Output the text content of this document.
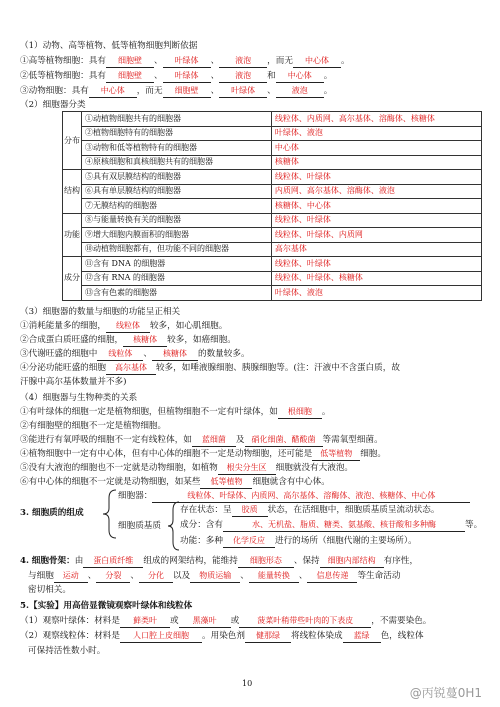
（1）动物、高等植物、低等植物细胞判断依据
①高等植物细胞：具有 细胞壁 、 叶绿体 、 液泡 ，而无 中心体 。
②低等植物细胞：具有 细胞壁 、 叶绿体 、 液泡 和 中心体 。
③动物细胞：具有 中心体 ，而无 细胞壁 、 叶绿体 、 液泡 。
（2）细胞器分类
分布	①动植物细胞共有的细胞器	线粒体、内质网、高尔基体、溶酶体、核糖体
	②植物细胞特有的细胞器	叶绿体、液泡
	③动物和低等植物特有的细胞器	中心体
	④原核细胞和真核细胞共有的细胞器	核糖体
结构	⑤具有双层膜结构的细胞器	线粒体、叶绿体
	⑥具有单层膜结构的细胞器	内质网、高尔基体、溶酶体、液泡
	⑦无膜结构的细胞器	核糖体、中心体
功能	⑧与能量转换有关的细胞器	线粒体、叶绿体
	⑨增大细胞内膜面积的细胞器	线粒体、叶绿体、内质网
	⑩动植物细胞都有，但功能不同的细胞器	高尔基体
成分	⑪含有 DNA 的细胞器	线粒体、叶绿体
	⑫含有 RNA 的细胞器	线粒体、叶绿体、核糖体
	⑬含有色素的细胞器	叶绿体、液泡
（3）细胞器的数量与细胞的功能呈正相关
①消耗能量多的细胞， 线粒体 较多，如心肌细胞。
②合成蛋白质旺盛的细胞， 核糖体 较多，如癌细胞。
③代谢旺盛的细胞中 线粒体 、 核糖体 的数量较多。
④分泌功能旺盛的细胞 高尔基体 较多，如唾液腺细胞、胰腺细胞等。(注：汗液中不含蛋白质，故
汗腺中高尔基体数量并不多)
（4）细胞器与生物种类的关系
①有叶绿体的细胞一定是植物细胞，但植物细胞不一定有叶绿体，如 根细胞 。
②有细胞壁的细胞不一定是植物细胞。
③能进行有氧呼吸的细胞不一定有线粒体，如 蓝细菌 及 硝化细菌、醋酸菌 等需氧型细菌。
④植物细胞中一定有中心体，但有中心体的细胞不一定是动物细胞，还可能是 低等植物 细胞。
⑤没有大液泡的细胞也不一定就是动物细胞，如植物 根尖分生区 细胞就没有大液泡。
⑥有中心体的细胞不一定就是动物细胞，如某些 低等植物 细胞就含有中心体。
3. 细胞质的组成
细胞器：	线粒体、叶绿体、内质网、高尔基体、溶酶体、液泡、核糖体、中心体
细胞质基质
存在状态：呈 胶质 状态，在活细胞中，细胞质基质呈流动状态。
成分：含有	水、无机盐、脂质、糖类、氨基酸、核苷酸和多种酶	等。
功能：多种 化学反应 进行的场所（细胞代谢的主要场所）。
4. 细胞骨架：由 蛋白质纤维 组成的网架结构，能维持 细胞形态 、保持 细胞内部结构 有序性，
与细胞 运动 、 分裂 、 分化 以及 物质运输 、 能量转换 、 信息传递 等生命活动
密切相关。
5.【实验】用高倍显微镜观察叶绿体和线粒体
（1）观察叶绿体：材料是 藓类叶 或 黑藻叶 或 菠菜叶稍带些叶肉的下表皮 ，不需要染色。
（2）观察线粒体：材料是 人口腔上皮细胞 。用染色剂 健那绿 将线粒体染成 蓝绿 色，线粒体
可保持活性数小时。
10
@丙锐蔓0H1
